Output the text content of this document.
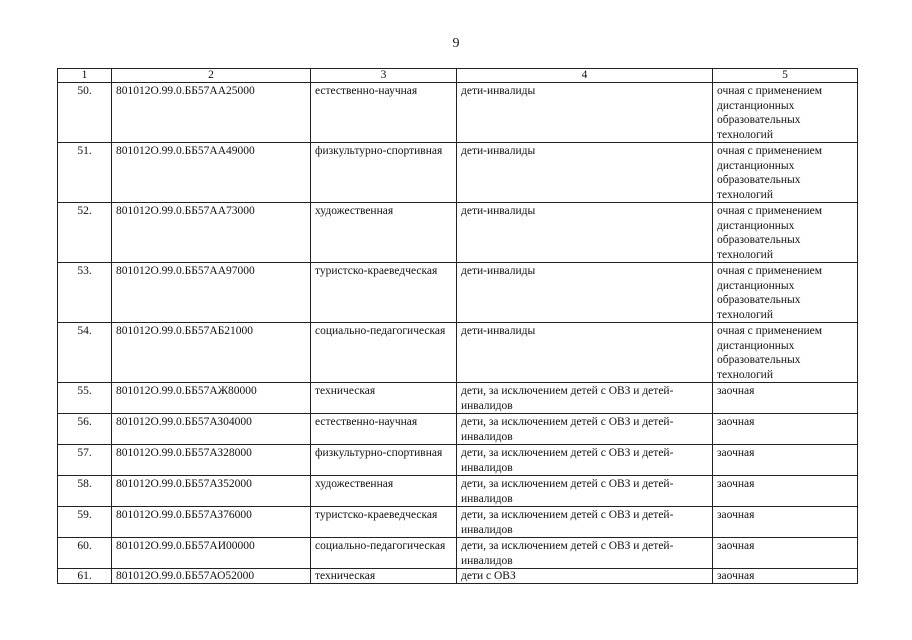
9
1	2	3	4	5
50.	801012О.99.0.ББ57АА25000	естественно-научная	дети-инвалиды	очная с применением дистанционных образовательных технологий
51.	801012О.99.0.ББ57АА49000	физкультурно-спортивная	дети-инвалиды	очная с применением дистанционных образовательных технологий
52.	801012О.99.0.ББ57АА73000	художественная	дети-инвалиды	очная с применением дистанционных образовательных технологий
53.	801012О.99.0.ББ57АА97000	туристско-краеведческая	дети-инвалиды	очная с применением дистанционных образовательных технологий
54.	801012О.99.0.ББ57АБ21000	социально-педагогическая	дети-инвалиды	очная с применением дистанционных образовательных технологий
55.	801012О.99.0.ББ57АЖ80000	техническая	дети, за исключением детей с ОВЗ и детей-инвалидов	заочная
56.	801012О.99.0.ББ57АЗ04000	естественно-научная	дети, за исключением детей с ОВЗ и детей-инвалидов	заочная
57.	801012О.99.0.ББ57АЗ28000	физкультурно-спортивная	дети, за исключением детей с ОВЗ и детей-инвалидов	заочная
58.	801012О.99.0.ББ57АЗ52000	художественная	дети, за исключением детей с ОВЗ и детей-инвалидов	заочная
59.	801012О.99.0.ББ57АЗ76000	туристско-краеведческая	дети, за исключением детей с ОВЗ и детей-инвалидов	заочная
60.	801012О.99.0.ББ57АИ00000	социально-педагогическая	дети, за исключением детей с ОВЗ и детей-инвалидов	заочная
61.	801012О.99.0.ББ57АО52000	техническая	дети с ОВЗ	заочная
